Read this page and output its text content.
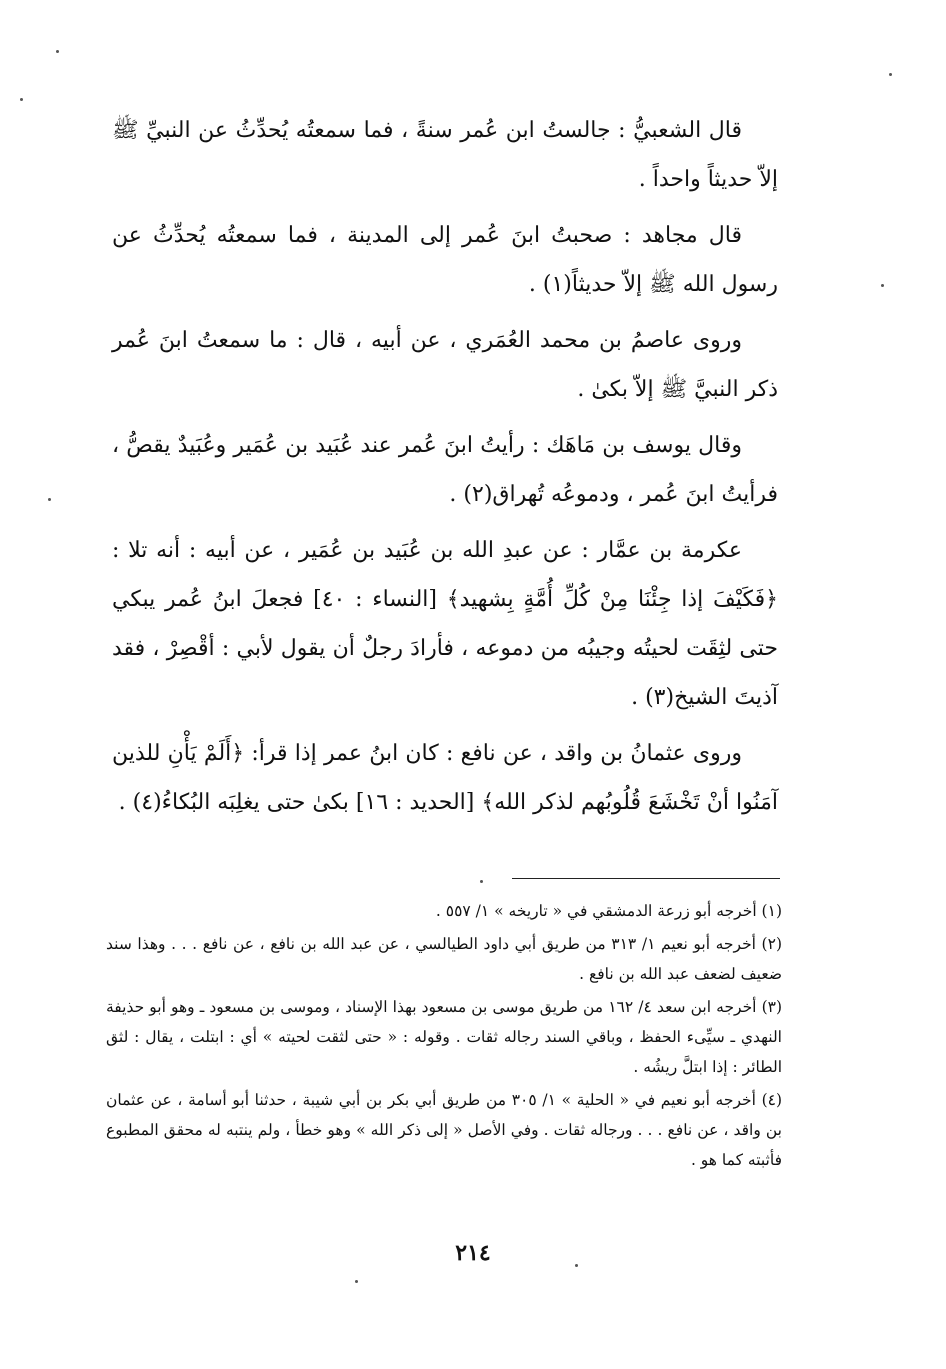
قال الشعبيُّ : جالستُ ابن عُمر سنةً ، فما سمعتُه يُحدِّثُ عن النبيِّ ﷺ إلاّ حديثاً واحداً .

قال مجاهد : صحبتُ ابنَ عُمر إلى المدينة ، فما سمعتُه يُحدِّثُ عن رسول الله ﷺ إلاّ حديثاً(١) .

وروى عاصمُ بن محمد العُمَري ، عن أبيه ، قال : ما سمعتُ ابنَ عُمر ذكر النبيَّ ﷺ إلاّ بكىٰ .

وقال يوسف بن مَاهَك : رأيتُ ابنَ عُمر عند عُبَيد بن عُمَير وعُبَيدٌ يقصُّ ، فرأيتُ ابنَ عُمر ، ودموعُه تُهراق(٢) .

عكرمة بن عمَّار : عن عبدِ الله بن عُبَيد بن عُمَير ، عن أبيه : أنه تلا : ﴿فَكَيْفَ إذا جِئْنَا مِنْ كُلِّ أُمَّةٍ بِشهيد﴾ [النساء : ٤٠] فجعلَ ابنُ عُمر يبكي حتى لثِقَت لحيتُه وجيبُه من دموعه ، فأرادَ رجلٌ أن يقول لأبي : أقْصِرْ ، فقد آذيتَ الشيخ(٣) .

وروى عثمانُ بن واقد ، عن نافع : كان ابنُ عمر إذا قرأ: ﴿أَلَمْ يَأْنِ للذين آمَنُوا أنْ تَخْشَعَ قُلُوبُهم لذكر الله﴾ [الحديد : ١٦] بكىٰ حتى يغلِبَه البُكاءُ(٤) .

(١) أخرجه أبو زرعة الدمشقي في « تاريخه » ١/ ٥٥٧ .

(٢) أخرجه أبو نعيم ١/ ٣١٣ من طريق أبي داود الطيالسي ، عن عبد الله بن نافع ، عن نافع . . . وهذا سند ضعيف لضعف عبد الله بن نافع .

(٣) أخرجه ابن سعد ٤/ ١٦٢ من طريق موسى بن مسعود بهذا الإسناد ، وموسى بن مسعود ـ وهو أبو حذيفة النهدي ـ سيِّىء الحفظ ، وباقي السند رجاله ثقات . وقوله : « حتى لثقت لحيته » أي : ابتلت ، يقال : لثق الطائر : إذا ابتلَّ ريشُه .

(٤) أخرجه أبو نعيم في « الحلية » ١/ ٣٠٥ من طريق أبي بكر بن أبي شيبة ، حدثنا أبو أسامة ، عن عثمان بن واقد ، عن نافع . . . ورجاله ثقات . وفي الأصل « إلى ذكر الله » وهو خطأ ، ولم ينتبه له محقق المطبوع فأثبته كما هو .

٢١٤
